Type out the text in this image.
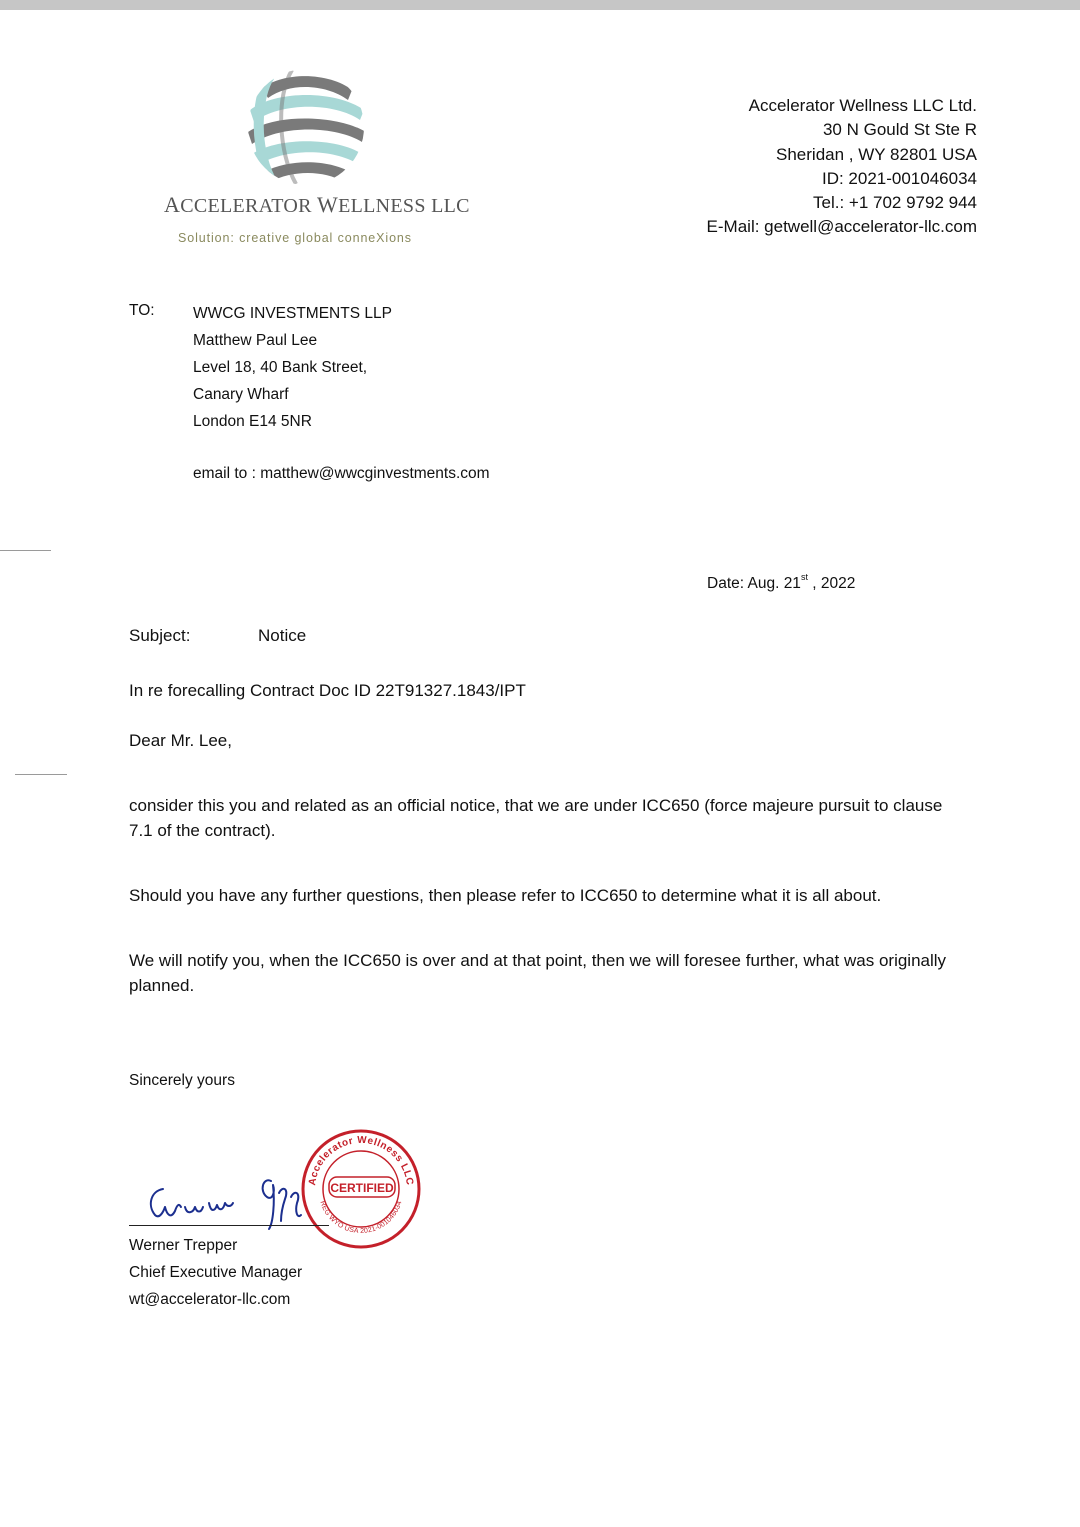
ACCELERATOR WELLNESS LLC
Solution: creative global conneXions
Accelerator Wellness LLC Ltd.
30 N Gould St Ste R
Sheridan , WY 82801 USA
ID: 2021-001046034
Tel.: +1 702 9792 944
E-Mail: getwell@accelerator-llc.com
TO: WWCG INVESTMENTS LLP
Matthew Paul Lee
Level 18, 40 Bank Street,
Canary Wharf
London E14 5NR
email to : matthew@wwcginvestments.com
Date: Aug. 21st , 2022
Subject:	Notice
In re forecalling Contract Doc ID 22T91327.1843/IPT
Dear Mr. Lee,
consider this you and related as an official notice, that we are under ICC650 (force majeure pursuit to clause 7.1 of the contract).
Should you have any further questions, then please refer to ICC650 to determine what it is all about.
We will notify you, when the ICC650 is over and at that point, then we will foresee further, what was originally planned.
Sincerely yours
Accelerator Wellness LLC
REG WYO USA 2021-001046034
CERTIFIED
Werner Trepper
Chief Executive Manager
wt@accelerator-llc.com
